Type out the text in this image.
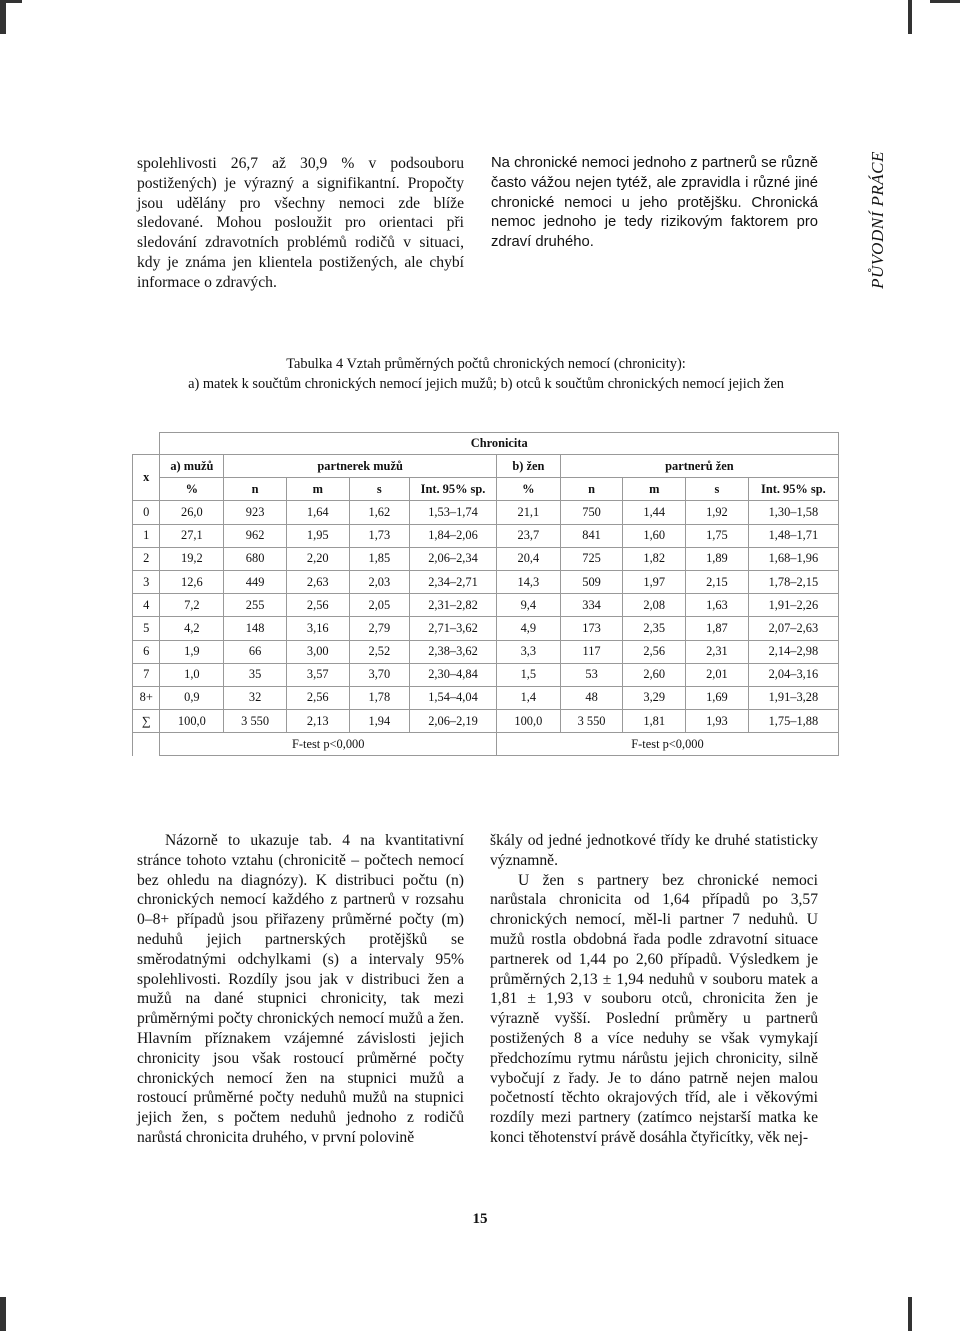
spolehlivosti 26,7 až 30,9 % v podsouboru postižených) je výrazný a signifikantní. Propočty jsou udělány pro všechny nemoci zde blíže sledované. Mohou posloužit pro orientaci při sledování zdravotních problémů rodičů v situaci, kdy je známa jen klientela postižených, ale chybí informace o zdravých.
Na chronické nemoci jednoho z partnerů se různě často vážou nejen tytéž, ale zpravidla i různé jiné chronické nemoci u jeho protějšku. Chronická nemoc jednoho je tedy rizikovým faktorem pro zdraví druhého.	PŮVODNÍ PRÁCE
Tabulka 4 Vztah průměrných počtů chronických nemocí (chronicity):
a) matek k součtům chronických nemocí jejich mužů; b) otců k součtům chronických nemocí jejich žen
	Chronicita									
x	a) mužů	partnerek mužů				b) žen	partnerů žen			
	%	n	m	s	Int. 95% sp.	%	n	m	s	Int. 95% sp.
0	26,0	923	1,64	1,62	1,53–1,74	21,1	750	1,44	1,92	1,30–1,58
1	27,1	962	1,95	1,73	1,84–2,06	23,7	841	1,60	1,75	1,48–1,71
2	19,2	680	2,20	1,85	2,06–2,34	20,4	725	1,82	1,89	1,68–1,96
3	12,6	449	2,63	2,03	2,34–2,71	14,3	509	1,97	2,15	1,78–2,15
4	7,2	255	2,56	2,05	2,31–2,82	9,4	334	2,08	1,63	1,91–2,26
5	4,2	148	3,16	2,79	2,71–3,62	4,9	173	2,35	1,87	2,07–2,63
6	1,9	66	3,00	2,52	2,38–3,62	3,3	117	2,56	2,31	2,14–2,98
7	1,0	35	3,57	3,70	2,30–4,84	1,5	53	2,60	2,01	2,04–3,16
8+	0,9	32	2,56	1,78	1,54–4,04	1,4	48	3,29	1,69	1,91–3,28
∑	100,0	3 550	2,13	1,94	2,06–2,19	100,0	3 550	1,81	1,93	1,75–1,88
	F-test p<0,000					F-test p<0,000				
Názorně to ukazuje tab. 4 na kvantitativní stránce tohoto vztahu (chronicitě – počtech nemocí bez ohledu na diagnózy). K distribuci počtu (n) chronických nemocí každého z partnerů v rozsahu 0–8+ případů jsou přiřazeny průměrné počty (m) neduhů jejich partnerských protějšků se směrodatnými odchylkami (s) a intervaly 95% spolehlivosti. Rozdíly jsou jak v distribuci žen a mužů na dané stupnici chronicity, tak mezi průměrnými počty chronických nemocí mužů a žen. Hlavním příznakem vzájemné závislosti jejich chronicity jsou však rostoucí průměrné počty chronických nemocí žen na stupnici mužů a rostoucí průměrné počty neduhů mužů na stupnici jejich žen, s počtem neduhů jednoho z rodičů narůstá chronicita druhého, v první polovině

škály od jedné jednotkové třídy ke druhé statisticky významně.

U žen s partnery bez chronické nemoci narůstala chronicita od 1,64 případů po 3,57 chronických nemocí, měl-li partner 7 neduhů. U mužů rostla obdobná řada podle zdravotní situace partnerek od 1,44 po 2,60 případů. Výsledkem je průměrných 2,13 ± 1,94 neduhů v souboru matek a 1,81 ± 1,93 v souboru otců, chronicita žen je výrazně vyšší. Poslední průměry u partnerů postižených 8 a více neduhy se však vymykají předchozímu rytmu nárůstu jejich chronicity, silně vybočují z řady. Je to dáno patrně nejen malou početností těchto okrajových tříd, ale i věkovými rozdíly mezi partnery (zatímco nejstarší matka ke konci těhotenství právě dosáhla čtyřicítky, věk nej-

15
